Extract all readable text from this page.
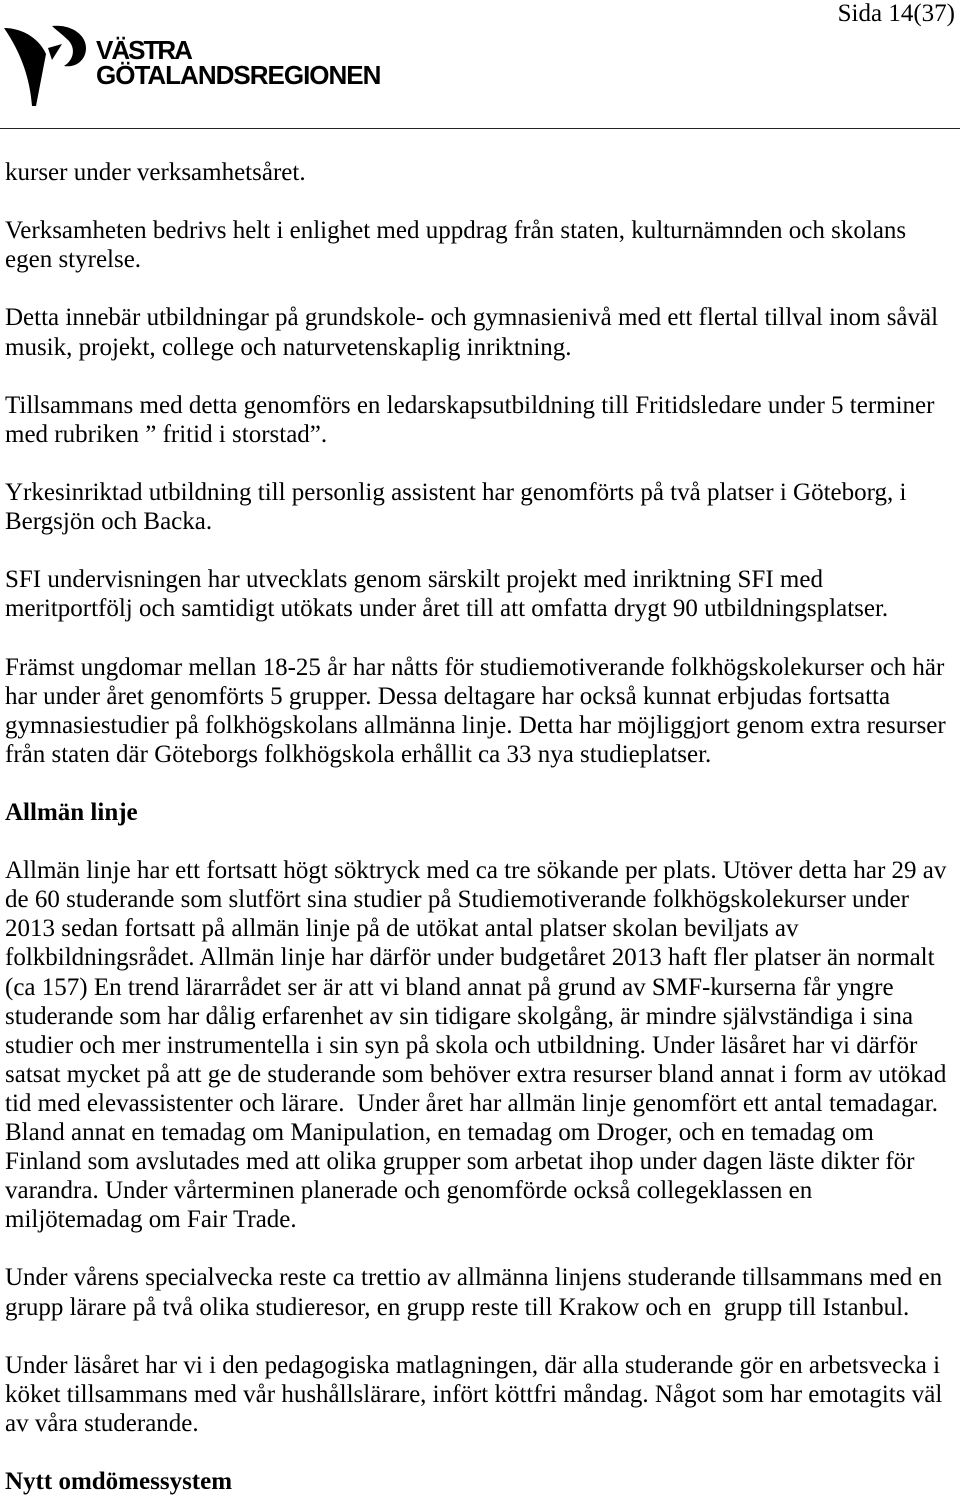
Sida 14(37)
VÄSTRA
GÖTALANDSREGIONEN

kurser under verksamhetsåret.

Verksamheten bedrivs helt i enlighet med uppdrag från staten, kulturnämnden och skolans
egen styrelse.

Detta innebär utbildningar på grundskole- och gymnasienivå med ett flertal tillval inom såväl
musik, projekt, college och naturvetenskaplig inriktning.

Tillsammans med detta genomförs en ledarskapsutbildning till Fritidsledare under 5 terminer
med rubriken ” fritid i storstad”.

Yrkesinriktad utbildning till personlig assistent har genomförts på två platser i Göteborg, i
Bergsjön och Backa.

SFI undervisningen har utvecklats genom särskilt projekt med inriktning SFI med
meritportfölj och samtidigt utökats under året till att omfatta drygt 90 utbildningsplatser.

Främst ungdomar mellan 18-25 år har nåtts för studiemotiverande folkhögskolekurser och här
har under året genomförts 5 grupper. Dessa deltagare har också kunnat erbjudas fortsatta
gymnasiestudier på folkhögskolans allmänna linje. Detta har möjliggjort genom extra resurser
från staten där Göteborgs folkhögskola erhållit ca 33 nya studieplatser.

Allmän linje

Allmän linje har ett fortsatt högt söktryck med ca tre sökande per plats. Utöver detta har 29 av
de 60 studerande som slutfört sina studier på Studiemotiverande folkhögskolekurser under
2013 sedan fortsatt på allmän linje på de utökat antal platser skolan beviljats av
folkbildningsrådet. Allmän linje har därför under budgetåret 2013 haft fler platser än normalt
(ca 157) En trend lärarrådet ser är att vi bland annat på grund av SMF-kurserna får yngre
studerande som har dålig erfarenhet av sin tidigare skolgång, är mindre självständiga i sina
studier och mer instrumentella i sin syn på skola och utbildning. Under läsåret har vi därför
satsat mycket på att ge de studerande som behöver extra resurser bland annat i form av utökad
tid med elevassistenter och lärare.  Under året har allmän linje genomfört ett antal temadagar.
Bland annat en temadag om Manipulation, en temadag om Droger, och en temadag om
Finland som avslutades med att olika grupper som arbetat ihop under dagen läste dikter för
varandra. Under vårterminen planerade och genomförde också collegeklassen en
miljötemadag om Fair Trade.

Under vårens specialvecka reste ca trettio av allmänna linjens studerande tillsammans med en
grupp lärare på två olika studieresor, en grupp reste till Krakow och en  grupp till Istanbul.

Under läsåret har vi i den pedagogiska matlagningen, där alla studerande gör en arbetsvecka i
köket tillsammans med vår hushållslärare, infört köttfri måndag. Något som har emotagits väl
av våra studerande.

Nytt omdömessystem
